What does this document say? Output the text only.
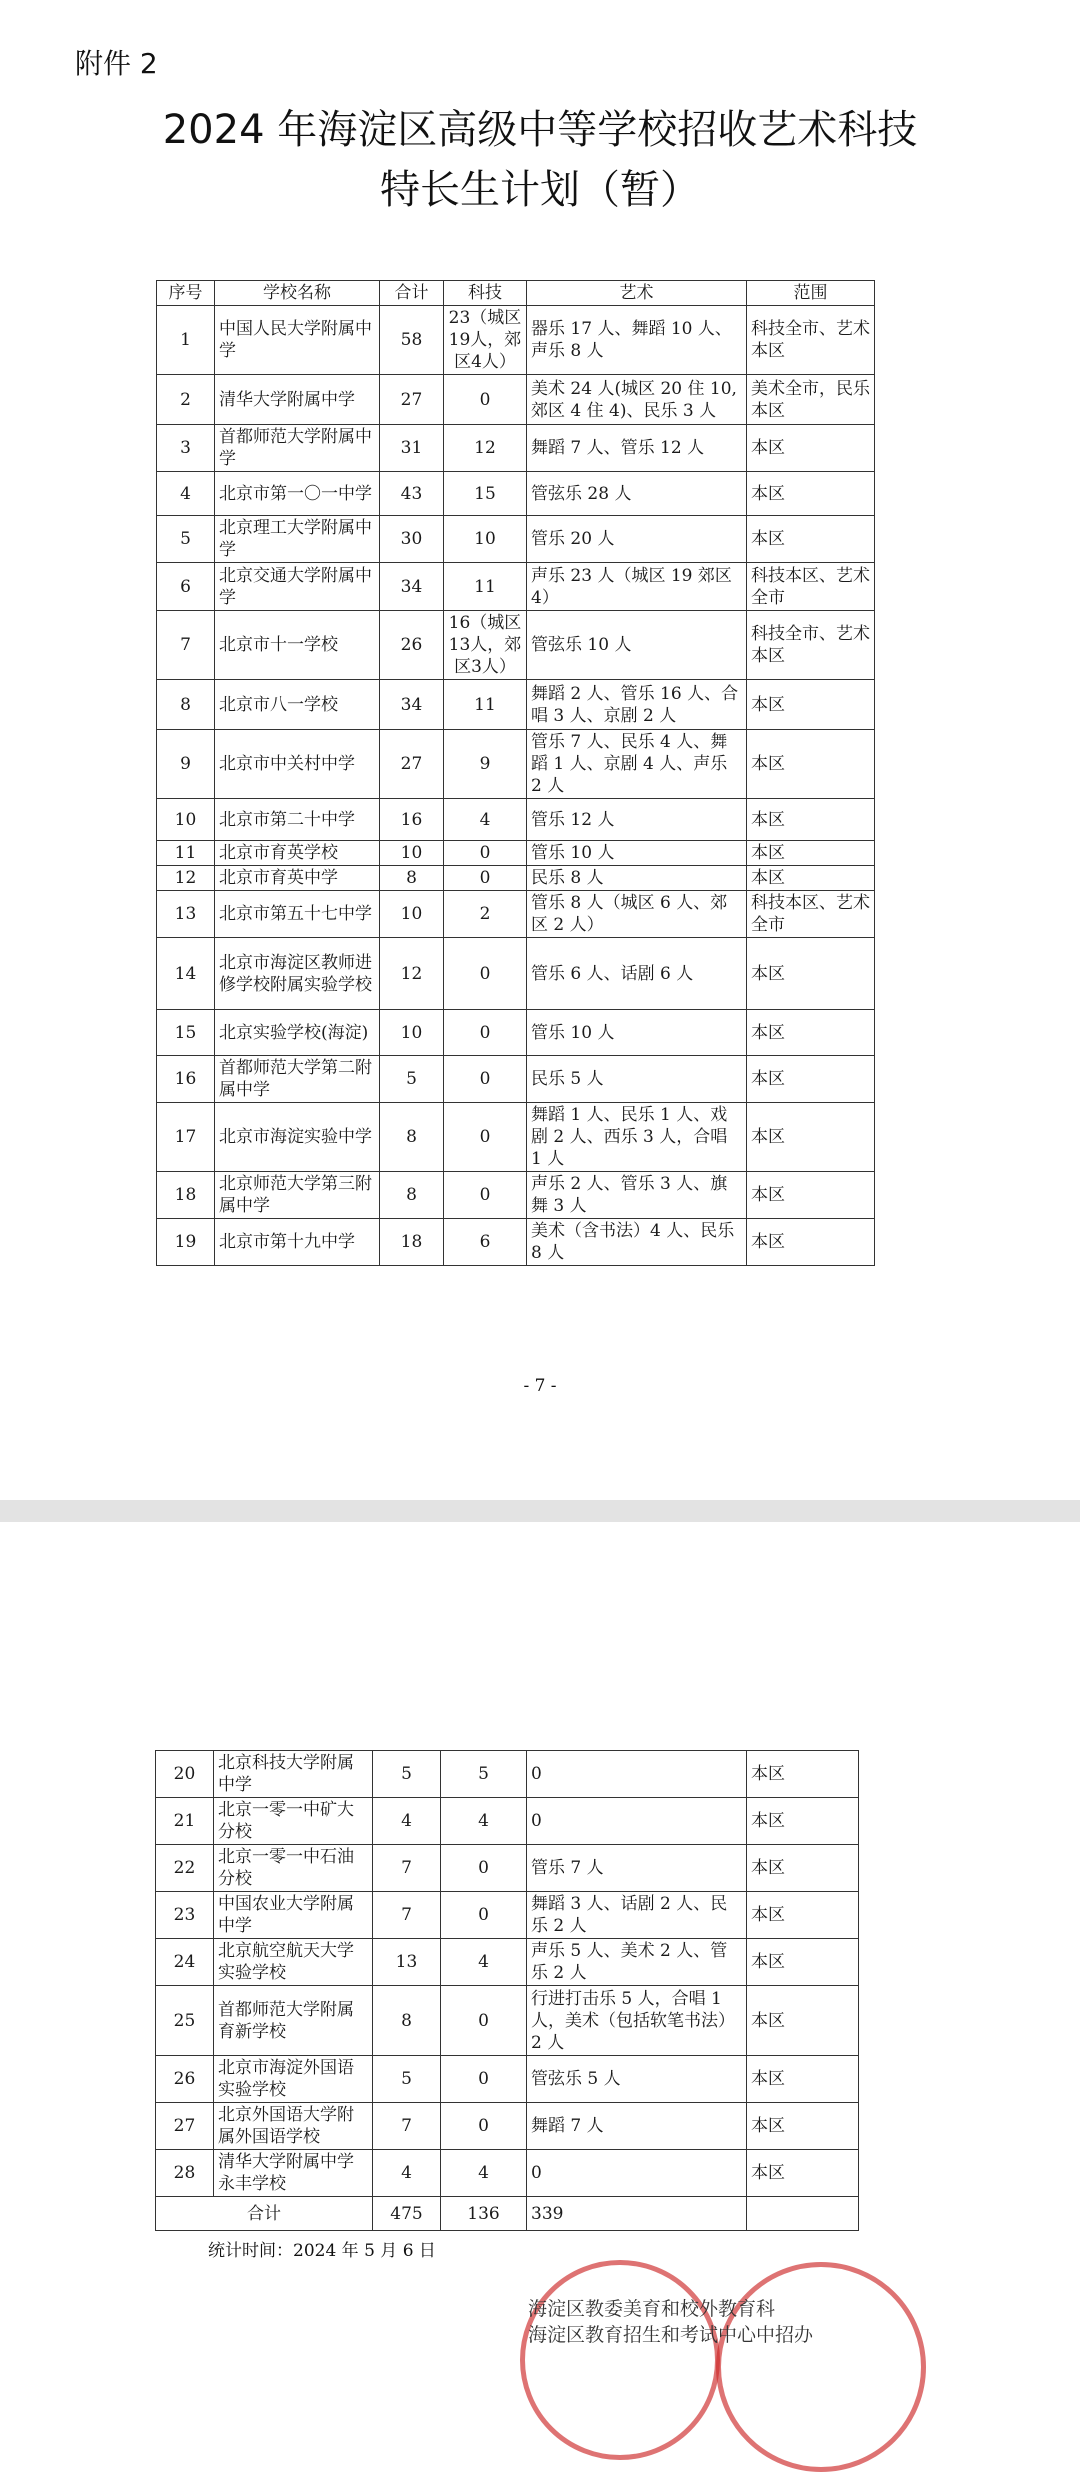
附件 2
2024 年海淀区高级中等学校招收艺术科技
特长生计划（暂）
序号	学校名称	合计	科技	艺术	范围
1	中国人民大学附属中学	58	23（城区19人，郊区4人）	器乐 17 人、舞蹈 10 人、声乐 8 人	科技全市、艺术本区
2	清华大学附属中学	27	0	美术 24 人(城区 20 住 10, 郊区 4 住 4)、民乐 3 人	美术全市，民乐本区
3	首都师范大学附属中学	31	12	舞蹈 7 人、管乐 12 人	本区
4	北京市第一〇一中学	43	15	管弦乐 28 人	本区
5	北京理工大学附属中学	30	10	管乐 20 人	本区
6	北京交通大学附属中学	34	11	声乐 23 人（城区 19 郊区 4）	科技本区、艺术全市
7	北京市十一学校	26	16（城区13人，郊区3人）	管弦乐 10 人	科技全市、艺术本区
8	北京市八一学校	34	11	舞蹈 2 人、管乐 16 人、合唱 3 人、京剧 2 人	本区
9	北京市中关村中学	27	9	管乐 7 人、民乐 4 人、舞蹈 1 人、京剧 4 人、声乐 2 人	本区
10	北京市第二十中学	16	4	管乐 12 人	本区
11	北京市育英学校	10	0	管乐 10 人	本区
12	北京市育英中学	8	0	民乐 8 人	本区
13	北京市第五十七中学	10	2	管乐 8 人（城区 6 人、郊区 2 人）	科技本区、艺术全市
14	北京市海淀区教师进修学校附属实验学校	12	0	管乐 6 人、话剧 6 人	本区
15	北京实验学校(海淀)	10	0	管乐 10 人	本区
16	首都师范大学第二附属中学	5	0	民乐 5 人	本区
17	北京市海淀实验中学	8	0	舞蹈 1 人、民乐 1 人、戏剧 2 人、西乐 3 人，合唱 1 人	本区
18	北京师范大学第三附属中学	8	0	声乐 2 人、管乐 3 人、旗舞 3 人	本区
19	北京市第十九中学	18	6	美术（含书法）4 人、民乐 8 人	本区
- 7 -
20	北京科技大学附属中学	5	5	0	本区
21	北京一零一中矿大分校	4	4	0	本区
22	北京一零一中石油分校	7	0	管乐 7 人	本区
23	中国农业大学附属中学	7	0	舞蹈 3 人、话剧 2 人、民乐 2 人	本区
24	北京航空航天大学实验学校	13	4	声乐 5 人、美术 2 人、管乐 2 人	本区
25	首都师范大学附属育新学校	8	0	行进打击乐 5 人，合唱 1 人，美术（包括软笔书法）2 人	本区
26	北京市海淀外国语实验学校	5	0	管弦乐 5 人	本区
27	北京外国语大学附属外国语学校	7	0	舞蹈 7 人	本区
28	清华大学附属中学永丰学校	4	4	0	本区
合计		475	136	339	
统计时间：2024 年 5 月 6 日
海淀区教委美育和校外教育科
海淀区教育招生和考试中心中招办
